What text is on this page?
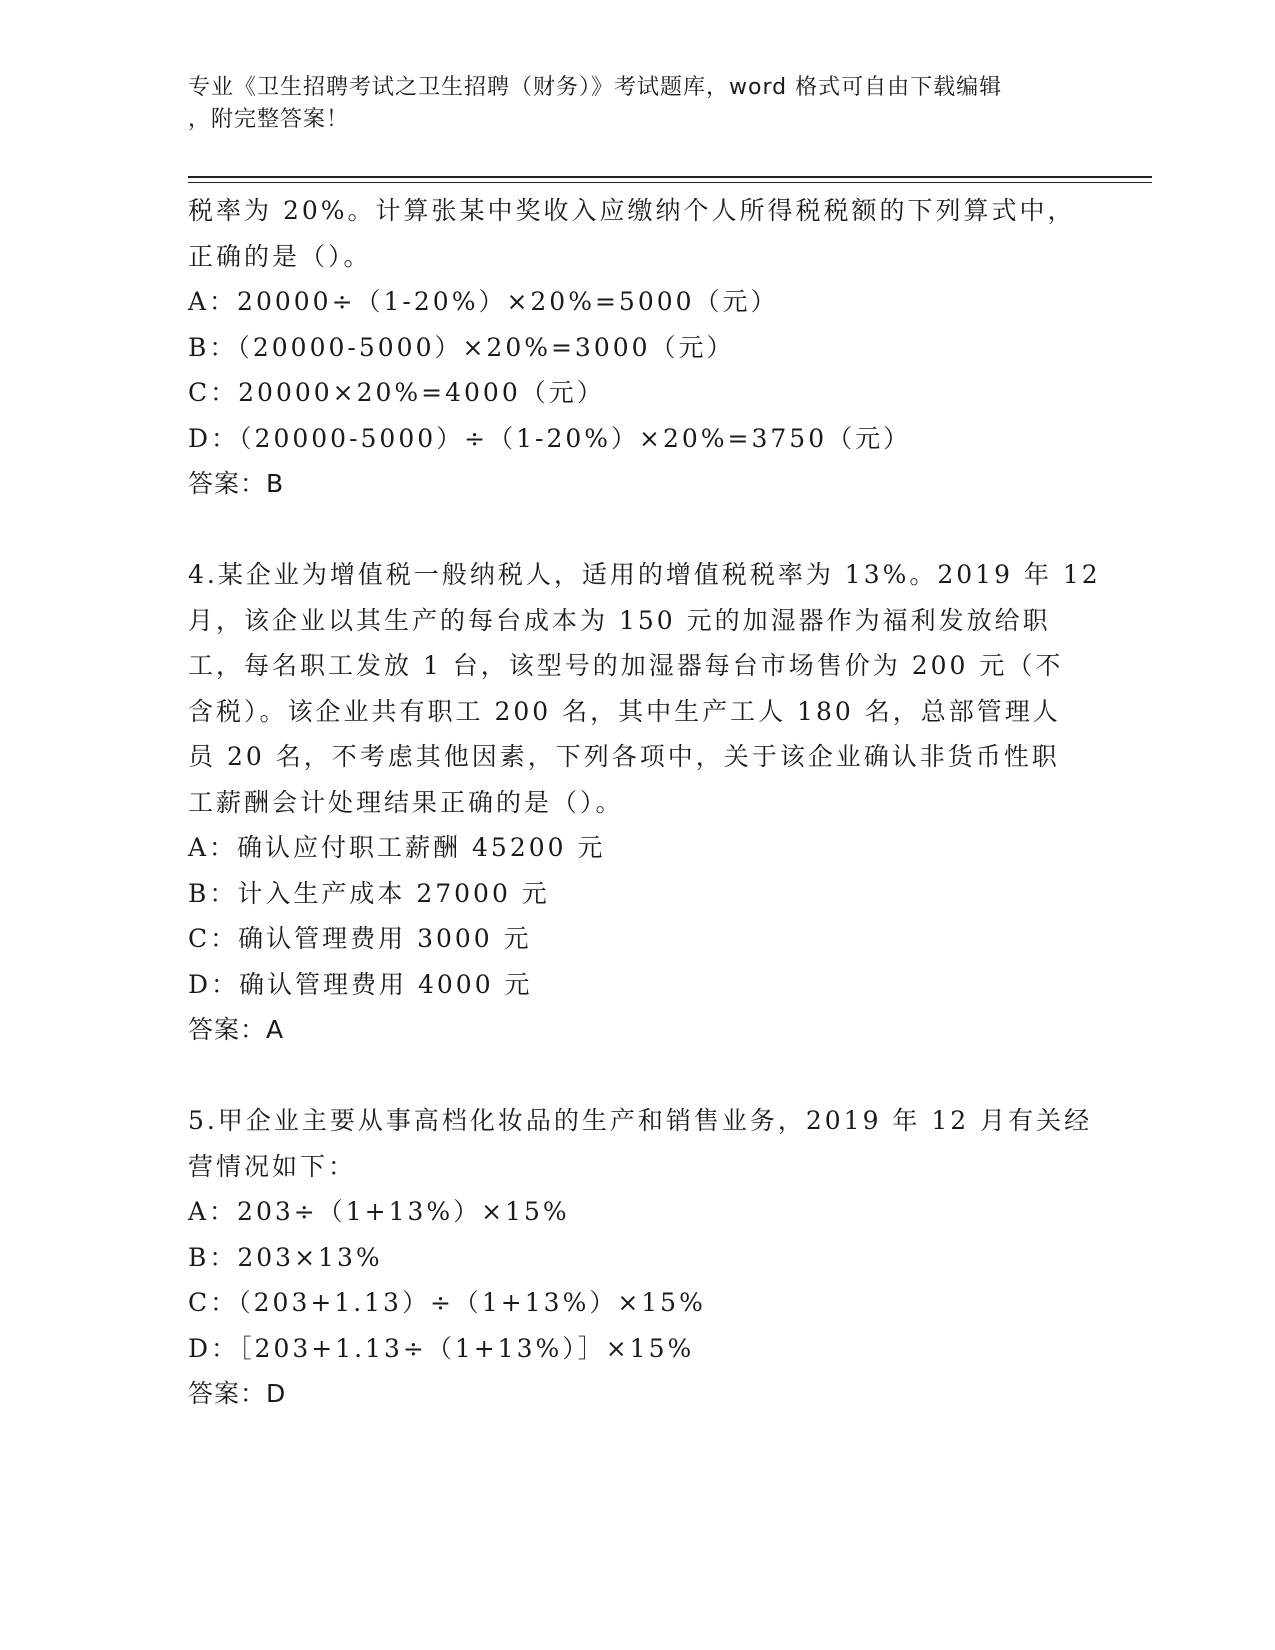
专业《卫生招聘考试之卫生招聘（财务）》考试题库，word 格式可自由下载编辑
，附完整答案！
税率为 20%。计算张某中奖收入应缴纳个人所得税税额的下列算式中，
正确的是（）。
A：20000÷（1-20%）×20%=5000（元）
B：（20000-5000）×20%=3000（元）
C：20000×20%=4000（元）
D：（20000-5000）÷（1-20%）×20%=3750（元）
答案：B
4.某企业为增值税一般纳税人，适用的增值税税率为 13%。2019 年 12
月，该企业以其生产的每台成本为 150 元的加湿器作为福利发放给职
工，每名职工发放 1 台，该型号的加湿器每台市场售价为 200 元（不
含税）。该企业共有职工 200 名，其中生产工人 180 名，总部管理人
员 20 名，不考虑其他因素，下列各项中，关于该企业确认非货币性职
工薪酬会计处理结果正确的是（）。
A：确认应付职工薪酬 45200 元
B：计入生产成本 27000 元
C：确认管理费用 3000 元
D：确认管理费用 4000 元
答案：A
5.甲企业主要从事高档化妆品的生产和销售业务，2019 年 12 月有关经
营情况如下：
A：203÷（1+13%）×15%
B：203×13%
C：（203+1.13）÷（1+13%）×15%
D：［203+1.13÷（1+13%）］×15%
答案：D
